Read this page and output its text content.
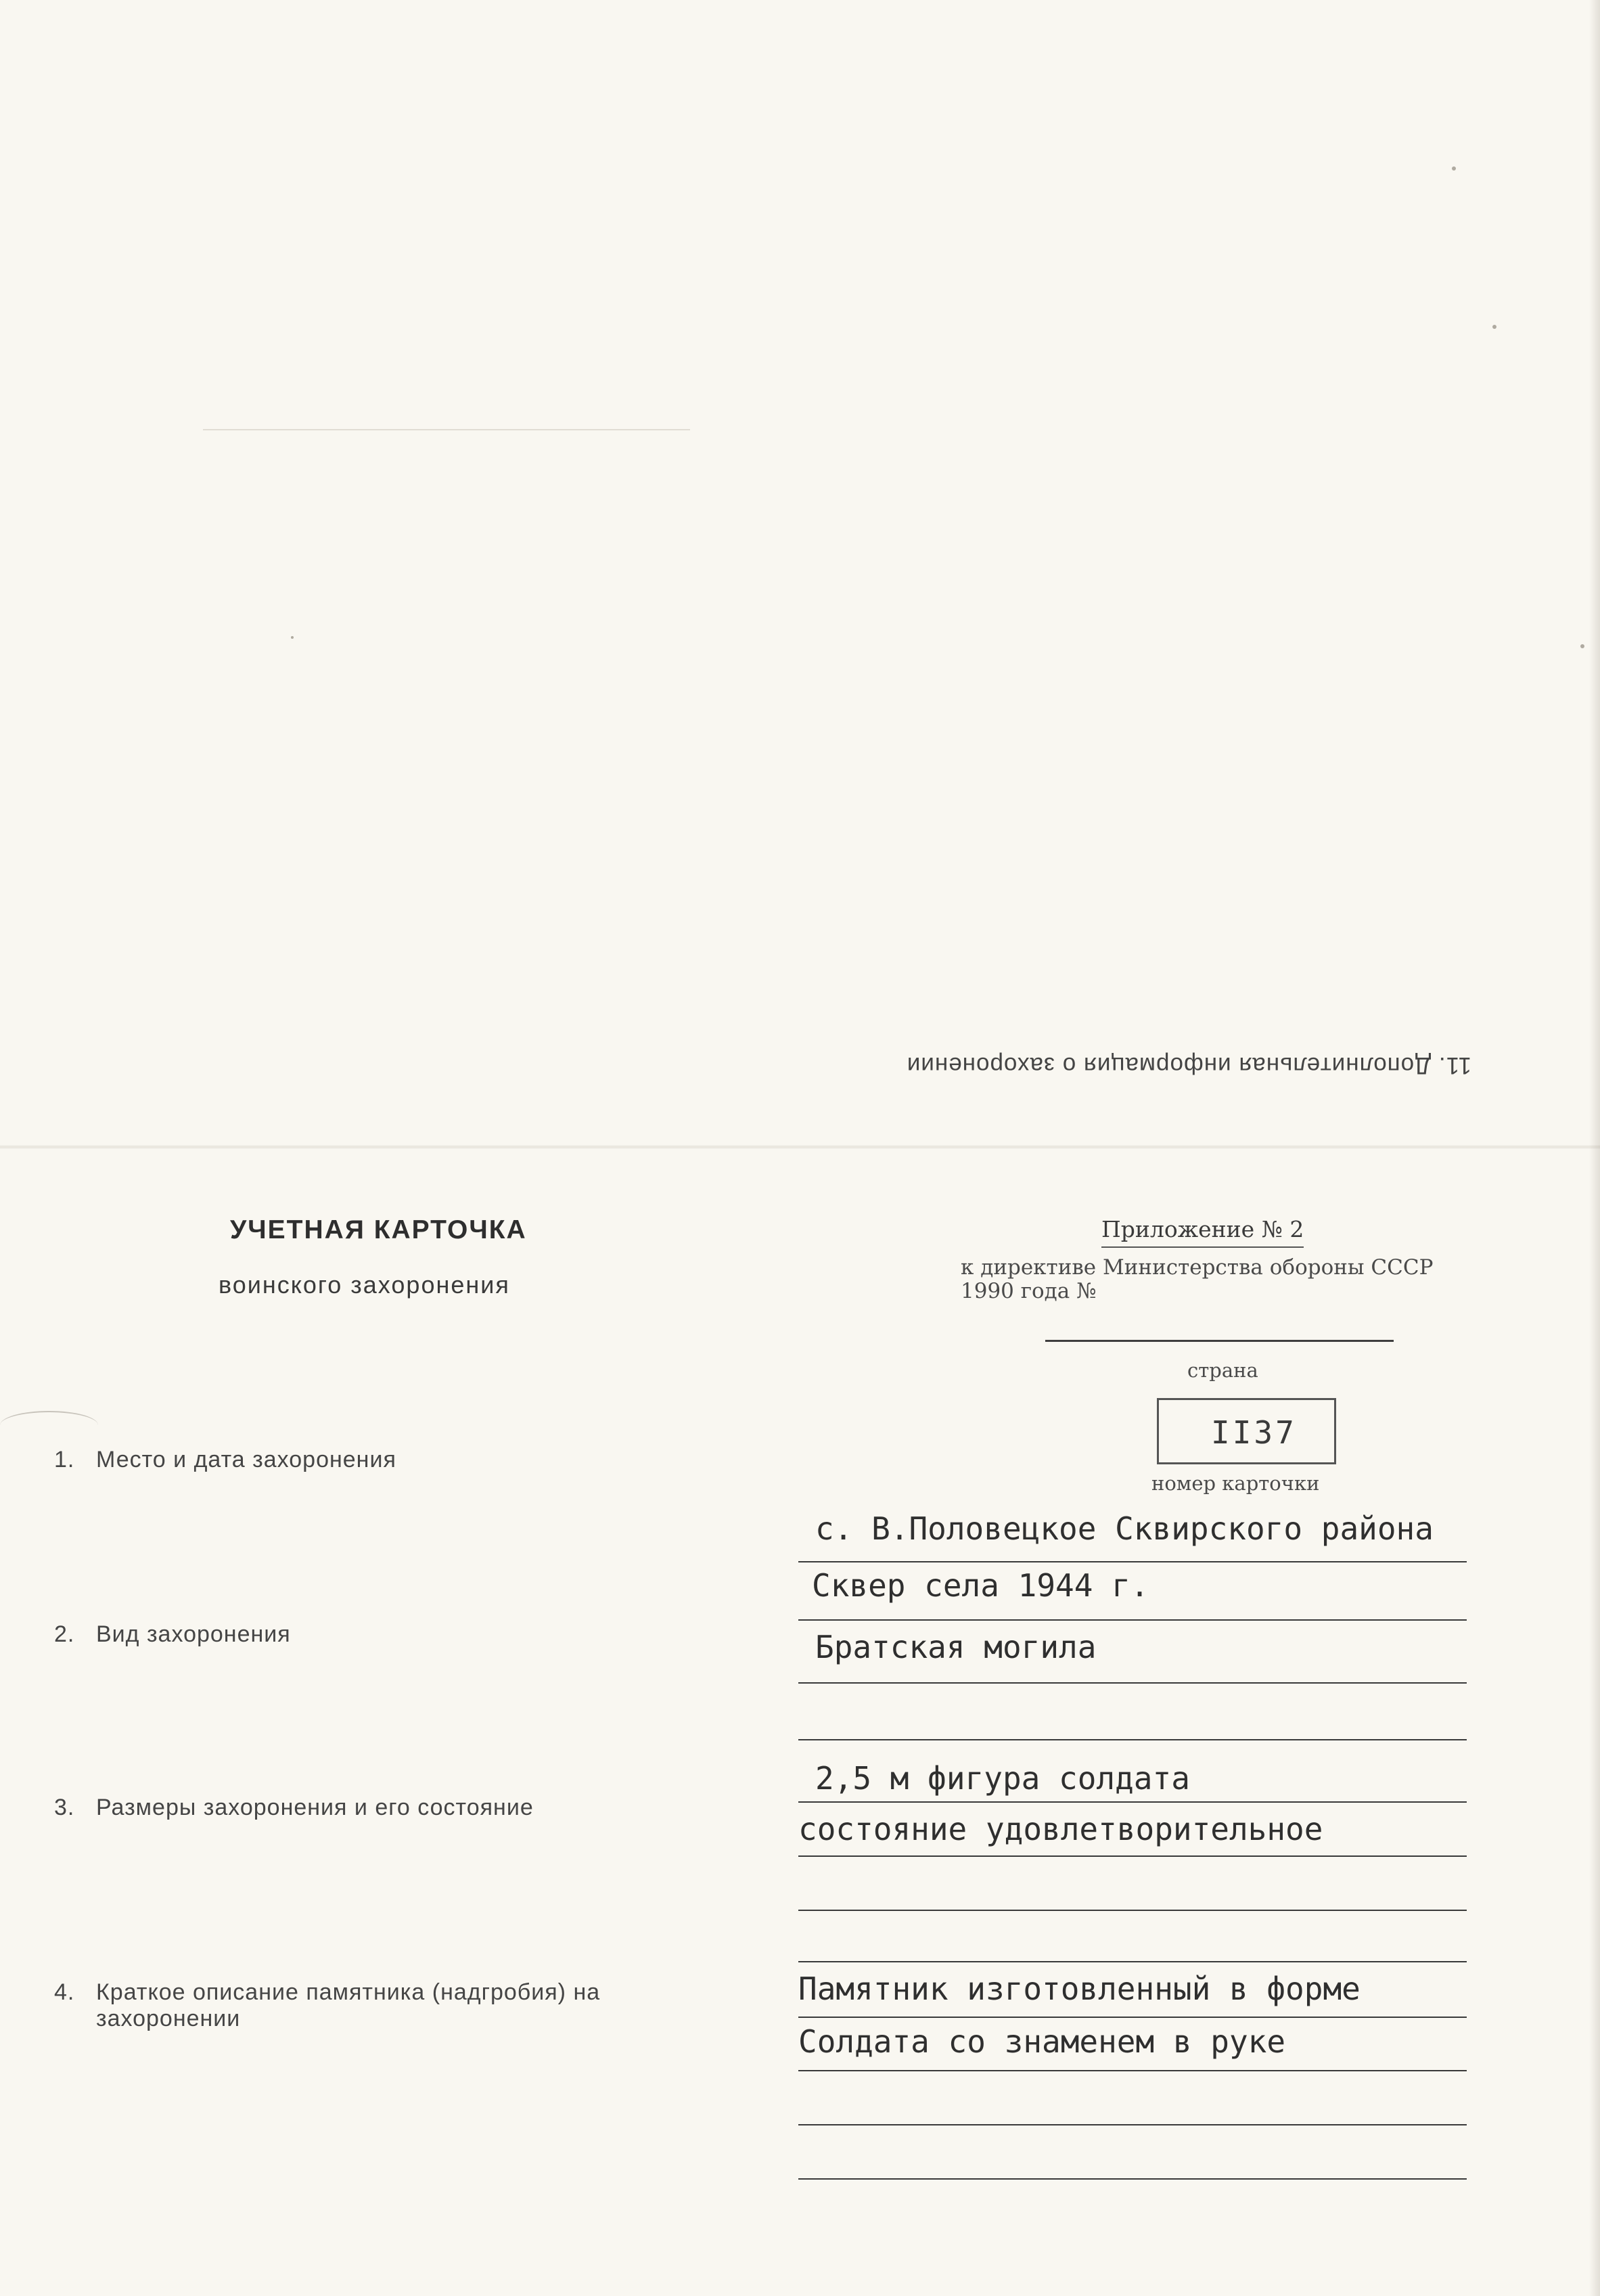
11. Дополнительная информация о захоронении
УЧЕТНАЯ КАРТОЧКА
воинского захоронения
Приложение № 2
к директиве Министерства обороны СССР
1990 года №
страна
II37
номер карточки
1. Место и дата захоронения
с. В.Половецкое Сквирского района
Сквер села 1944 г.
2. Вид захоронения	Братская могила
3. Размеры захоронения и его состояние
2,5 м фигура солдата
состояние удовлетворительное
4. Краткое описание памятника (надгробия) на
захоронении
Памятник изготовленный в форме
Солдата со знаменем в руке
